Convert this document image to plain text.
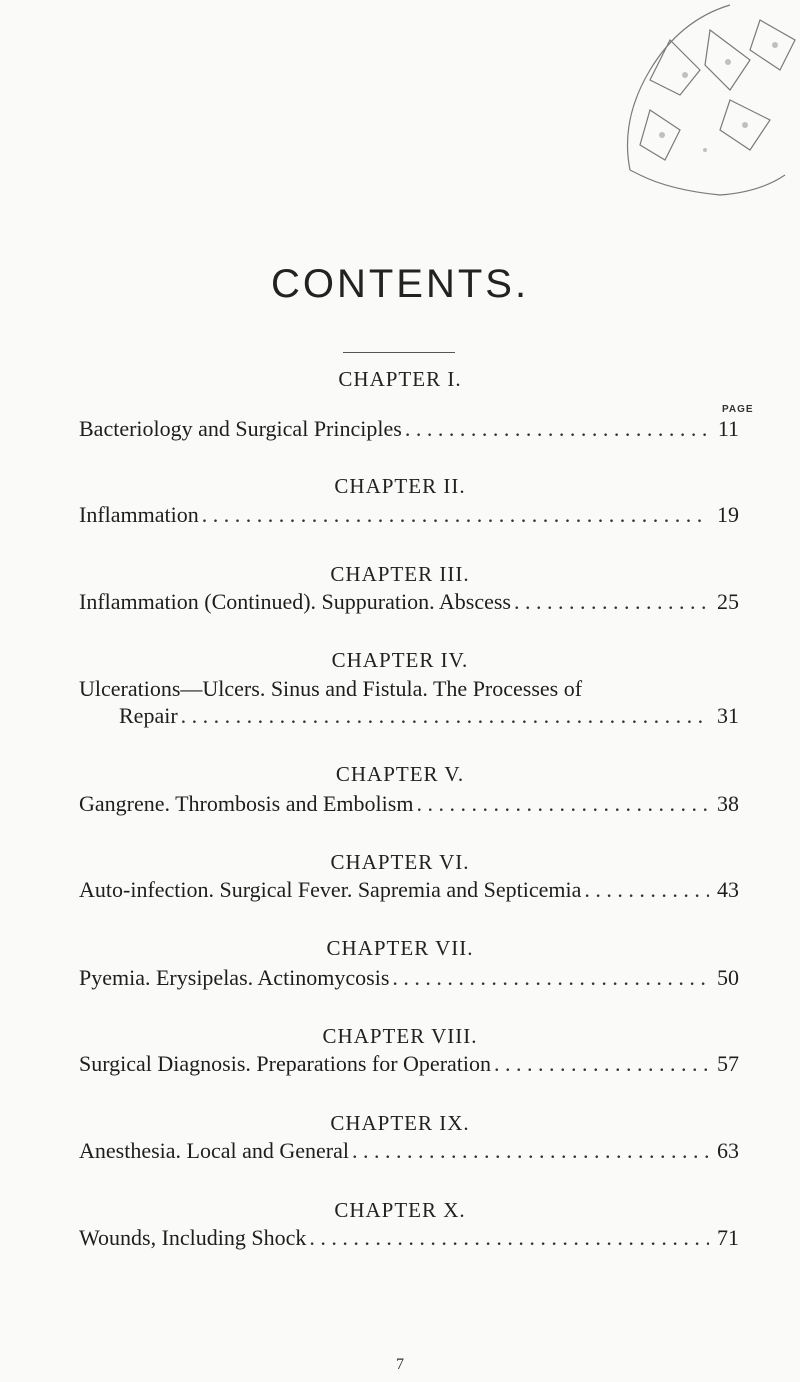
CONTENTS.
PAGE
CHAPTER I.
Bacteriology and Surgical Principles . . .	11
CHAPTER II.
Inflammation . . .	19
CHAPTER III.
Inflammation (Continued). Suppuration. Abscess . . .	25
CHAPTER IV.
Ulcerations—Ulcers. Sinus and Fistula. The Processes of
Repair . . .	31
CHAPTER V.
Gangrene. Thrombosis and Embolism . . .	38
CHAPTER VI.
Auto-infection. Surgical Fever. Sapremia and Septicemia . . .	43
CHAPTER VII.
Pyemia. Erysipelas. Actinomycosis . . .	50
CHAPTER VIII.
Surgical Diagnosis. Preparations for Operation . . .	57
CHAPTER IX.
Anesthesia. Local and General . . .	63
CHAPTER X.
Wounds, Including Shock . . .	71
7
